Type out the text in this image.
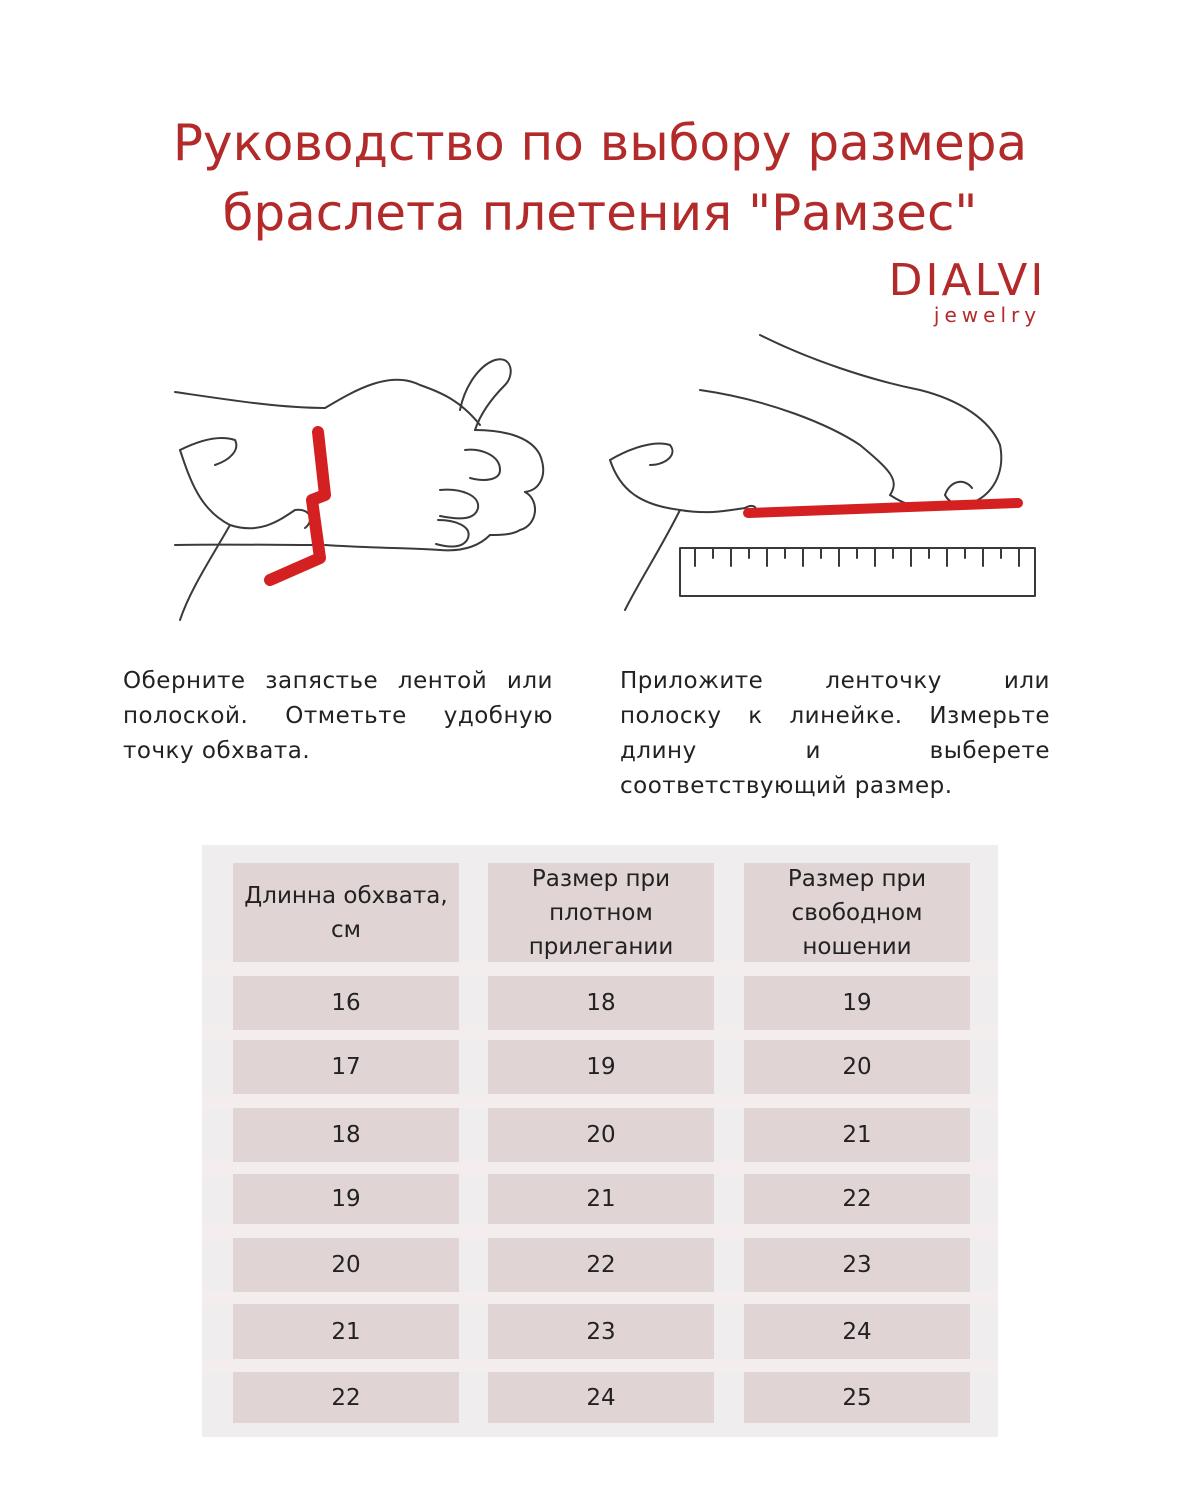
Руководство по выбору размера
браслета плетения "Рамзес"
DIALVI
jewelry
Оберните запястье лентой или полоской. Отметьте удобную точку обхвата.
Приложите ленточку или полоску к линейке. Измерьте длину и выберете соответствующий размер.
Длинна обхвата, см
16
17
18
19
20
21
22
Размер при плотном прилегании
18
19
20
21
22
23
24
Размер при свободном ношении
19
20
21
22
23
24
25
